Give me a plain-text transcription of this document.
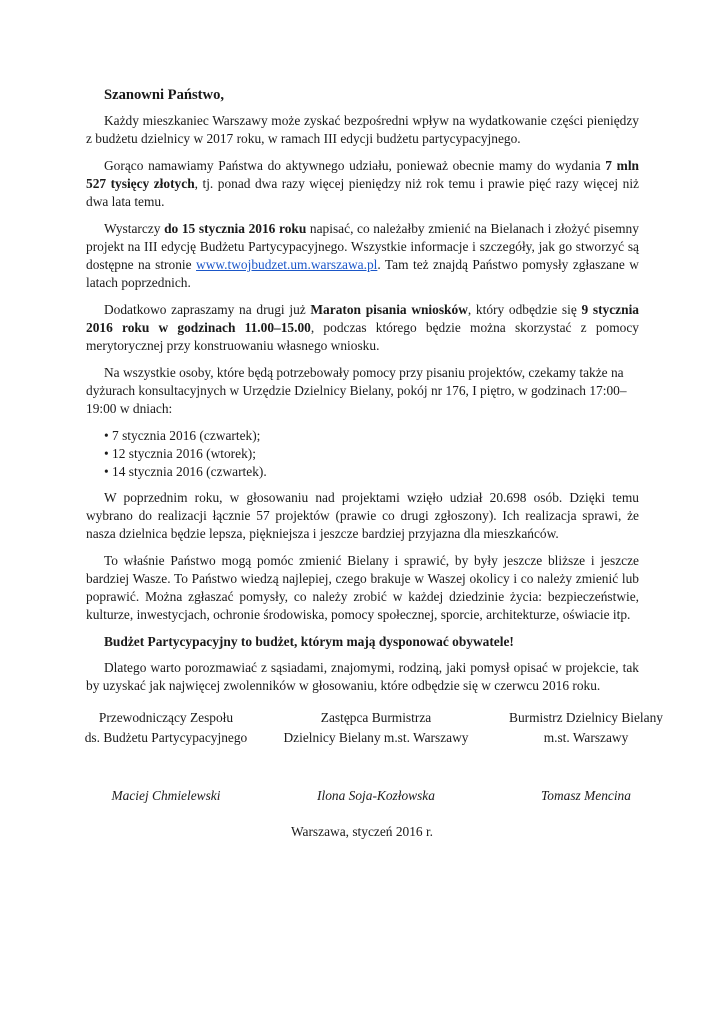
Szanowni Państwo,

Każdy mieszkaniec Warszawy może zyskać bezpośredni wpływ na wydatkowanie części pieniędzy z budżetu dzielnicy w 2017 roku, w ramach III edycji budżetu partycypacyjnego.

Gorąco namawiamy Państwa do aktywnego udziału, ponieważ obecnie mamy do wydania 7 mln 527 tysięcy złotych, tj. ponad dwa razy więcej pieniędzy niż rok temu i prawie pięć razy więcej niż dwa lata temu.

Wystarczy do 15 stycznia 2016 roku napisać, co należałby zmienić na Bielanach i złożyć pisemny projekt na III edycję Budżetu Partycypacyjnego. Wszystkie informacje i szczegóły, jak go stworzyć są dostępne na stronie www.twojbudzet.um.warszawa.pl. Tam też znajdą Państwo pomysły zgłaszane w latach poprzednich.

Dodatkowo zapraszamy na drugi już Maraton pisania wniosków, który odbędzie się 9 stycznia 2016 roku w godzinach 11.00–15.00, podczas którego będzie można skorzystać z pomocy merytorycznej przy konstruowaniu własnego wniosku.

Na wszystkie osoby, które będą potrzebowały pomocy przy pisaniu projektów, czekamy także na dyżurach konsultacyjnych w Urzędzie Dzielnicy Bielany, pokój nr 176, I piętro, w godzinach 17:00–19:00 w dniach:

• 7 stycznia 2016 (czwartek);
• 12 stycznia 2016 (wtorek);
• 14 stycznia 2016 (czwartek).

W poprzednim roku, w głosowaniu nad projektami wzięło udział 20.698 osób. Dzięki temu wybrano do realizacji łącznie 57 projektów (prawie co drugi zgłoszony). Ich realizacja sprawi, że nasza dzielnica będzie lepsza, piękniejsza i jeszcze bardziej przyjazna dla mieszkańców.

To właśnie Państwo mogą pomóc zmienić Bielany i sprawić, by były jeszcze bliższe i jeszcze bardziej Wasze. To Państwo wiedzą najlepiej, czego brakuje w Waszej okolicy i co należy zmienić lub poprawić. Można zgłaszać pomysły, co należy zrobić w każdej dziedzinie życia: bezpieczeństwie, kulturze, inwestycjach, ochronie środowiska, pomocy społecznej, sporcie, architekturze, oświacie itp.

Budżet Partycypacyjny to budżet, którym mają dysponować obywatele!

Dlatego warto porozmawiać z sąsiadami, znajomymi, rodziną, jaki pomysł opisać w projekcie, tak by uzyskać jak najwięcej zwolenników w głosowaniu, które odbędzie się w czerwcu 2016 roku.

Przewodniczący Zespołu
ds. Budżetu Partycypacyjnego
Maciej Chmielewski
Zastępca Burmistrza
Dzielnicy Bielany m.st. Warszawy
Ilona Soja-Kozłowska
Burmistrz Dzielnicy Bielany
m.st. Warszawy
Tomasz Mencina
Warszawa, styczeń 2016 r.
